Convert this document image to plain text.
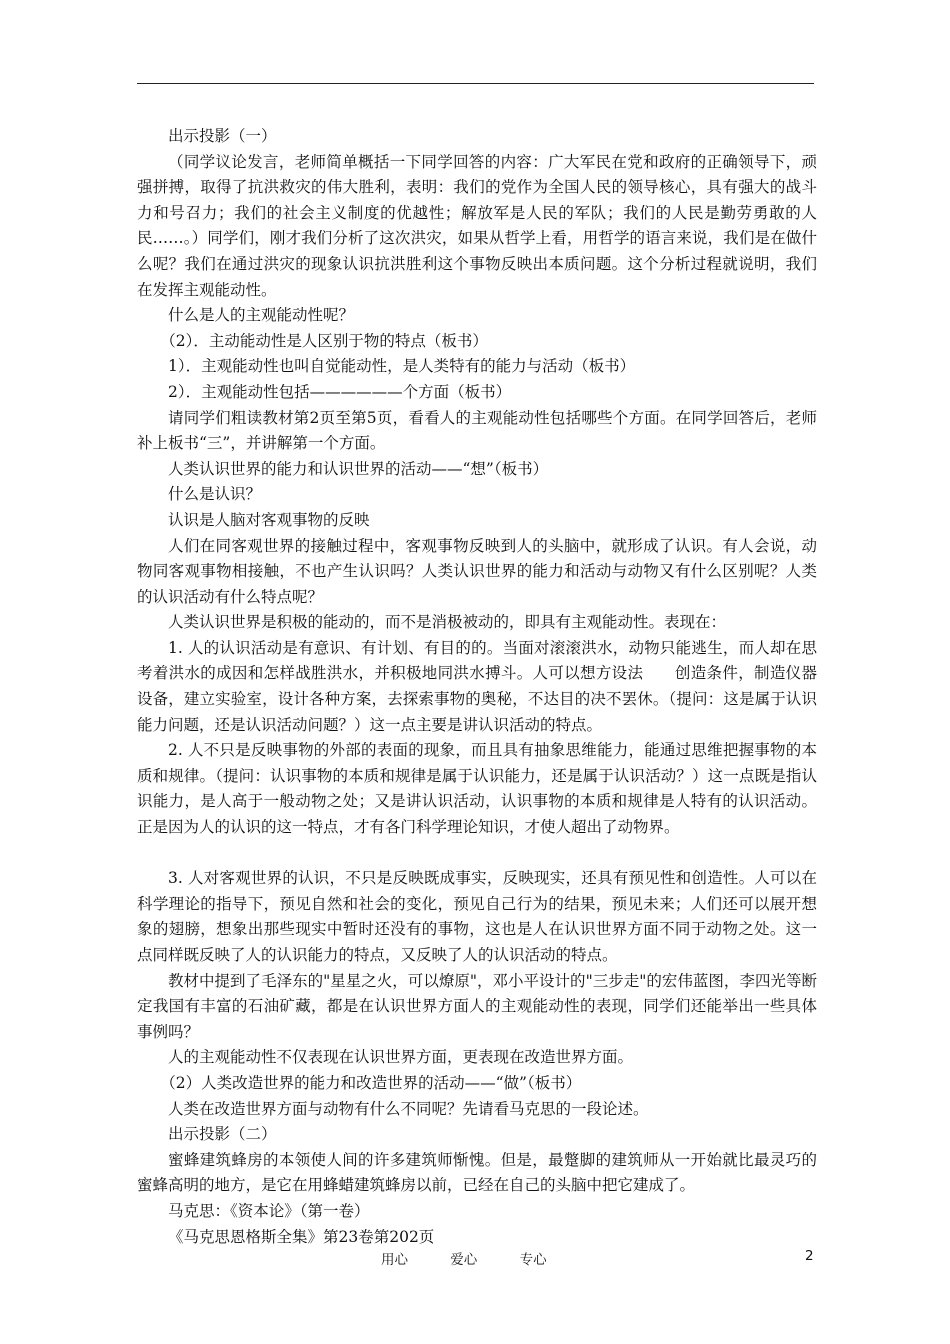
出示投影（一）

（同学议论发言，老师简单概括一下同学回答的内容：广大军民在党和政府的正确领导下，顽强拼搏，取得了抗洪救灾的伟大胜利，表明：我们的党作为全国人民的领导核心，具有强大的战斗力和号召力；我们的社会主义制度的优越性；解放军是人民的军队；我们的人民是勤劳勇敢的人民……。）同学们，刚才我们分析了这次洪灾，如果从哲学上看，用哲学的语言来说，我们是在做什么呢？我们在通过洪灾的现象认识抗洪胜利这个事物反映出本质问题。这个分析过程就说明，我们在发挥主观能动性。

什么是人的主观能动性呢？

（2）．主动能动性是人区别于物的特点（板书）

1）．主观能动性也叫自觉能动性，是人类特有的能力与活动（板书）

2）．主观能动性包括——————个方面（板书）

请同学们粗读教材第2页至第5页，看看人的主观能动性包括哪些个方面。在同学回答后，老师补上板书“三”，并讲解第一个方面。

人类认识世界的能力和认识世界的活动——“想”（板书）

什么是认识？

认识是人脑对客观事物的反映

人们在同客观世界的接触过程中，客观事物反映到人的头脑中，就形成了认识。有人会说，动物同客观事物相接触，不也产生认识吗？人类认识世界的能力和活动与动物又有什么区别呢？人类的认识活动有什么特点呢？

人类认识世界是积极的能动的，而不是消极被动的，即具有主观能动性。表现在：

1. 人的认识活动是有意识、有计划、有目的的。当面对滚滚洪水，动物只能逃生，而人却在思考着洪水的成因和怎样战胜洪水，并积极地同洪水搏斗。人可以想方设法　　创造条件，制造仪器设备，建立实验室，设计各种方案，去探索事物的奥秘，不达目的决不罢休。（提问：这是属于认识能力问题，还是认识活动问题？）这一点主要是讲认识活动的特点。

2. 人不只是反映事物的外部的表面的现象，而且具有抽象思维能力，能通过思维把握事物的本质和规律。（提问：认识事物的本质和规律是属于认识能力，还是属于认识活动？）这一点既是指认识能力，是人高于一般动物之处；又是讲认识活动，认识事物的本质和规律是人特有的认识活动。正是因为人的认识的这一特点，才有各门科学理论知识，才使人超出了动物界。

3. 人对客观世界的认识，不只是反映既成事实，反映现实，还具有预见性和创造性。人可以在科学理论的指导下，预见自然和社会的变化，预见自己行为的结果，预见未来；人们还可以展开想象的翅膀，想象出那些现实中暂时还没有的事物，这也是人在认识世界方面不同于动物之处。这一点同样既反映了人的认识能力的特点，又反映了人的认识活动的特点。

教材中提到了毛泽东的"星星之火，可以燎原"，邓小平设计的"三步走"的宏伟蓝图，李四光等断定我国有丰富的石油矿藏，都是在认识世界方面人的主观能动性的表现，同学们还能举出一些具体事例吗？

人的主观能动性不仅表现在认识世界方面，更表现在改造世界方面。

（2）人类改造世界的能力和改造世界的活动——“做”（板书）

人类在改造世界方面与动物有什么不同呢？先请看马克思的一段论述。

出示投影（二）

蜜蜂建筑蜂房的本领使人间的许多建筑师惭愧。但是，最蹩脚的建筑师从一开始就比最灵巧的蜜蜂高明的地方，是它在用蜂蜡建筑蜂房以前，已经在自己的头脑中把它建成了。

马克思：《资本论》（第一卷）

《马克思恩格斯全集》第23卷第202页

用心	爱心	专心	2
